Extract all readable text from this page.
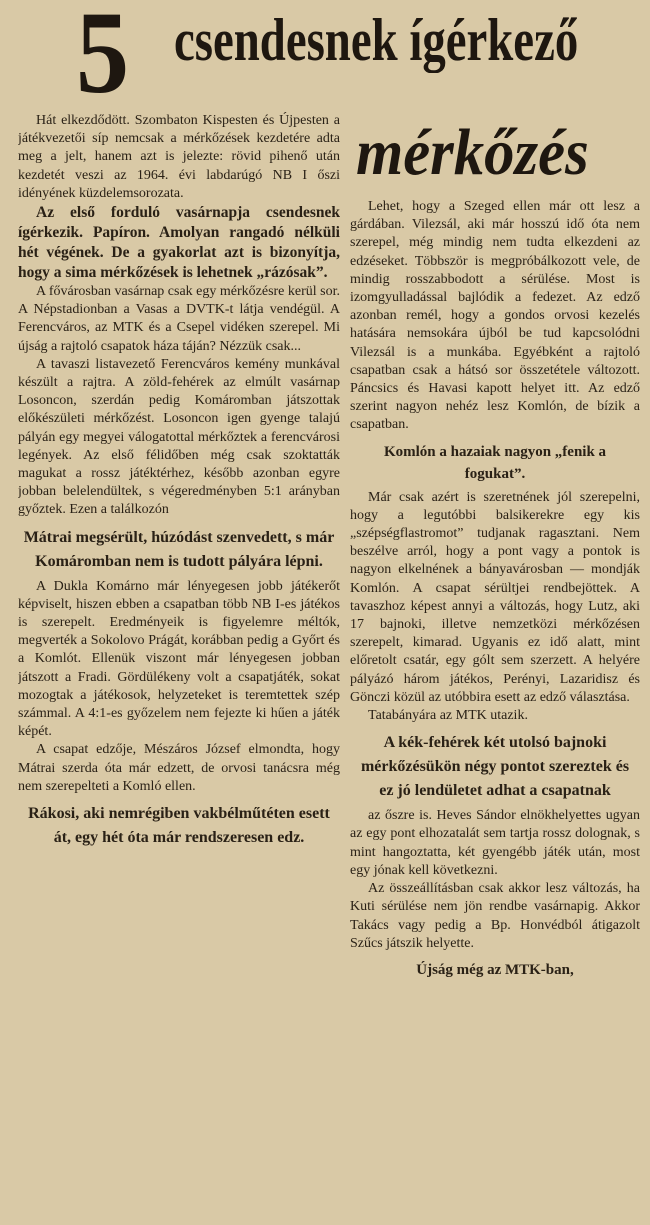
5 csendesnek ígérkező
mérkőzés

Hát elkezdődött. Szombaton Kispesten és Újpesten a játékvezetői síp nemcsak a mérkőzések kezdetére adta meg a jelt, hanem azt is jelezte: rövid pihenő után kezdetét veszi az 1964. évi labdarúgó NB I őszi idényének küzdelemsorozata.

Az első forduló vasárnapja csendesnek ígérkezik. Papíron. Amolyan rangadó nélküli hét végének. De a gyakorlat azt is bizonyítja, hogy a sima mérkőzések is lehetnek „rázósak”.

A fővárosban vasárnap csak egy mérkőzésre kerül sor. A Népstadionban a Vasas a DVTK-t látja vendégül. A Ferencváros, az MTK és a Csepel vidéken szerepel. Mi újság a rajtoló csapatok háza táján? Nézzük csak...

A tavaszi listavezető Ferencváros kemény munkával készült a rajtra. A zöld-fehérek az elmúlt vasárnap Losoncon, szerdán pedig Komáromban játszottak előkészületi mérkőzést. Losoncon igen gyenge talajú pályán egy megyei válogatottal mérkőztek a ferencvárosi legények. Az első félidőben még csak szoktatták magukat a rossz játéktérhez, később azonban egyre jobban belelendültek, s végeredményben 5:1 arányban győztek. Ezen a találkozón

Mátrai megsérült, húzódást szenvedett, s már Komáromban nem is tudott pályára lépni.

A Dukla Komárno már lényegesen jobb játékerőt képviselt, hiszen ebben a csapatban több NB I-es játékos is szerepelt. Eredményeik is figyelemre méltók, megverték a Sokolovo Prágát, korábban pedig a Győrt és a Komlót. Ellenük viszont már lényegesen jobban játszott a Fradi. Gördülékeny volt a csapatjáték, sokat mozogtak a játékosok, helyzeteket is teremtettek szép számmal. A 4:1-es győzelem nem fejezte ki hűen a játék képét.

A csapat edzője, Mészáros József elmondta, hogy Mátrai szerda óta már edzett, de orvosi tanácsra még nem szerepelteti a Komló ellen.

Rákosi, aki nemrégiben vakbélműtéten esett át, egy hét óta már rendszeresen edz.

Lehet, hogy a Szeged ellen már ott lesz a gárdában. Vilezsál, aki már hosszú idő óta nem szerepel, még mindig nem tudta elkezdeni az edzéseket. Többször is megpróbálkozott vele, de mindig rosszabbodott a sérülése. Most is izomgyulladással bajlódik a fedezet. Az edző azonban remél, hogy a gondos orvosi kezelés hatására nemsokára újból be tud kapcsolódni Vilezsál is a munkába. Egyébként a rajtoló csapatban csak a hátsó sor összetétele változott. Páncsics és Havasi kapott helyet itt. Az edző szerint nagyon nehéz lesz Komlón, de bízik a csapatban.

Komlón a hazaiak nagyon „fenik a fogukat”.

Már csak azért is szeretnének jól szerepelni, hogy a legutóbbi balsikerekre egy kis „szépségflastromot” tudjanak ragasztani. Nem beszélve arról, hogy a pont vagy a pontok is nagyon elkelnének a bányavárosban — mondják Komlón. A csapat sérültjei rendbejöttek. A tavaszhoz képest annyi a változás, hogy Lutz, aki 17 bajnoki, illetve nemzetközi mérkőzésen szerepelt, kimarad. Ugyanis ez idő alatt, mint előretolt csatár, egy gólt sem szerzett. A helyére pályázó három játékos, Perényi, Lazaridisz és Gönczi közül az utóbbira esett az edző választása.

Tatabányára az MTK utazik.

A kék-fehérek két utolsó bajnoki mérkőzésükön négy pontot szereztek és ez jó lendületet adhat a csapatnak

az őszre is. Heves Sándor elnökhelyettes ugyan az egy pont elhozatalát sem tartja rossz dolognak, s mint hangoztatta, két gyengébb játék után, most egy jónak kell következni.

Az összeállításban csak akkor lesz változás, ha Kuti sérülése nem jön rendbe vasárnapig. Akkor Takács vagy pedig a Bp. Honvédból átigazolt Szűcs játszik helyette.

Újság még az MTK-ban,
